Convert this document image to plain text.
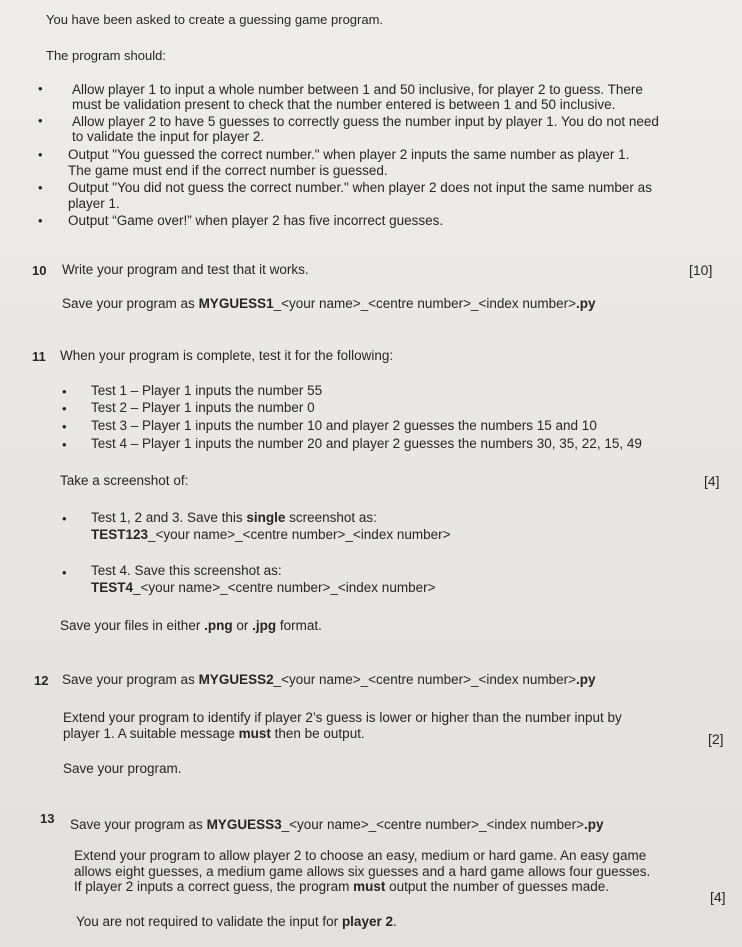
You have been asked to create a guessing game program.
The program should:
• Allow player 1 to input a whole number between 1 and 50 inclusive, for player 2 to guess. There
must be validation present to check that the number entered is between 1 and 50 inclusive.
• Allow player 2 to have 5 guesses to correctly guess the number input by player 1. You do not need
to validate the input for player 2.
• Output "You guessed the correct number." when player 2 inputs the same number as player 1.
The game must end if the correct number is guessed.
• Output "You did not guess the correct number." when player 2 does not input the same number as
player 1.
• Output “Game over!” when player 2 has five incorrect guesses.
10 Write your program and test that it works.	[10]
Save your program as MYGUESS1_<your name>_<centre number>_<index number>.py
11 When your program is complete, test it for the following:
• Test 1 – Player 1 inputs the number 55
• Test 2 – Player 1 inputs the number 0
• Test 3 – Player 1 inputs the number 10 and player 2 guesses the numbers 15 and 10
• Test 4 – Player 1 inputs the number 20 and player 2 guesses the numbers 30, 35, 22, 15, 49
Take a screenshot of:	[4]
• Test 1, 2 and 3. Save this single screenshot as:
TEST123_<your name>_<centre number>_<index number>
• Test 4. Save this screenshot as:
TEST4_<your name>_<centre number>_<index number>
Save your files in either .png or .jpg format.
12 Save your program as MYGUESS2_<your name>_<centre number>_<index number>.py
Extend your program to identify if player 2’s guess is lower or higher than the number input by
player 1. A suitable message must then be output.	[2]
Save your program.
13 Save your program as MYGUESS3_<your name>_<centre number>_<index number>.py
Extend your program to allow player 2 to choose an easy, medium or hard game. An easy game
allows eight guesses, a medium game allows six guesses and a hard game allows four guesses.
If player 2 inputs a correct guess, the program must output the number of guesses made.
[4]
You are not required to validate the input for player 2.
